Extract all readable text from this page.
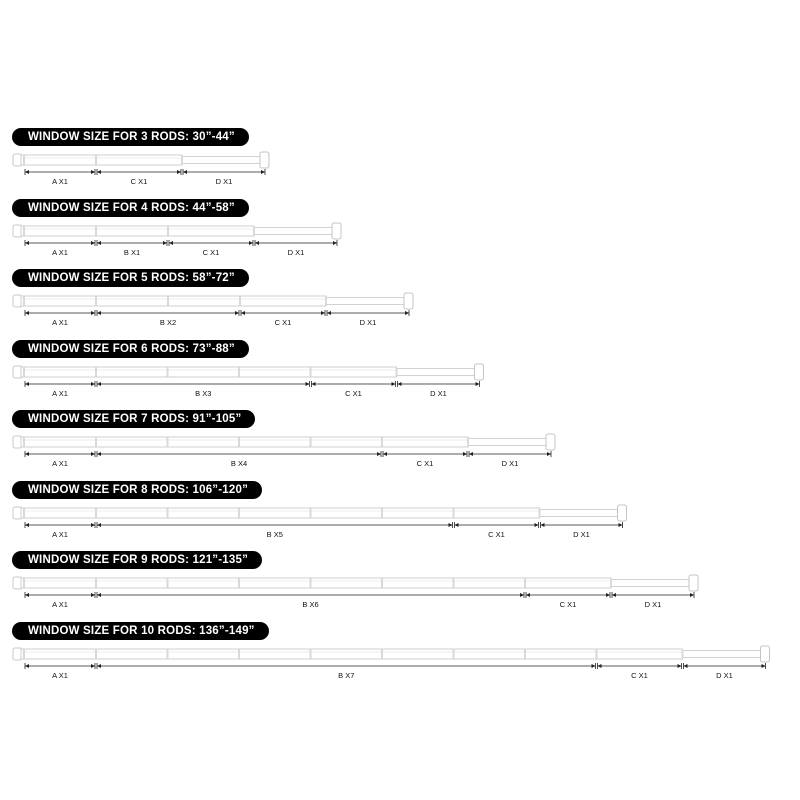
WINDOW SIZE FOR 3 RODS: 30”-44”
A X1	C X1	D X1
WINDOW SIZE FOR 4 RODS: 44”-58”
A X1	B X1	C X1	D X1
WINDOW SIZE FOR 5 RODS: 58”-72”
A X1	B X2	C X1	D X1
WINDOW SIZE FOR 6 RODS: 73”-88”
A X1	B X3	C X1	D X1
WINDOW SIZE FOR 7 RODS: 91”-105”
A X1	B X4	C X1	D X1
WINDOW SIZE FOR 8 RODS: 106”-120”
A X1	B X5	C X1	D X1
WINDOW SIZE FOR 9 RODS: 121”-135”
A X1	B X6	C X1	D X1
WINDOW SIZE FOR 10 RODS: 136”-149”
A X1	B X7	C X1	D X1
